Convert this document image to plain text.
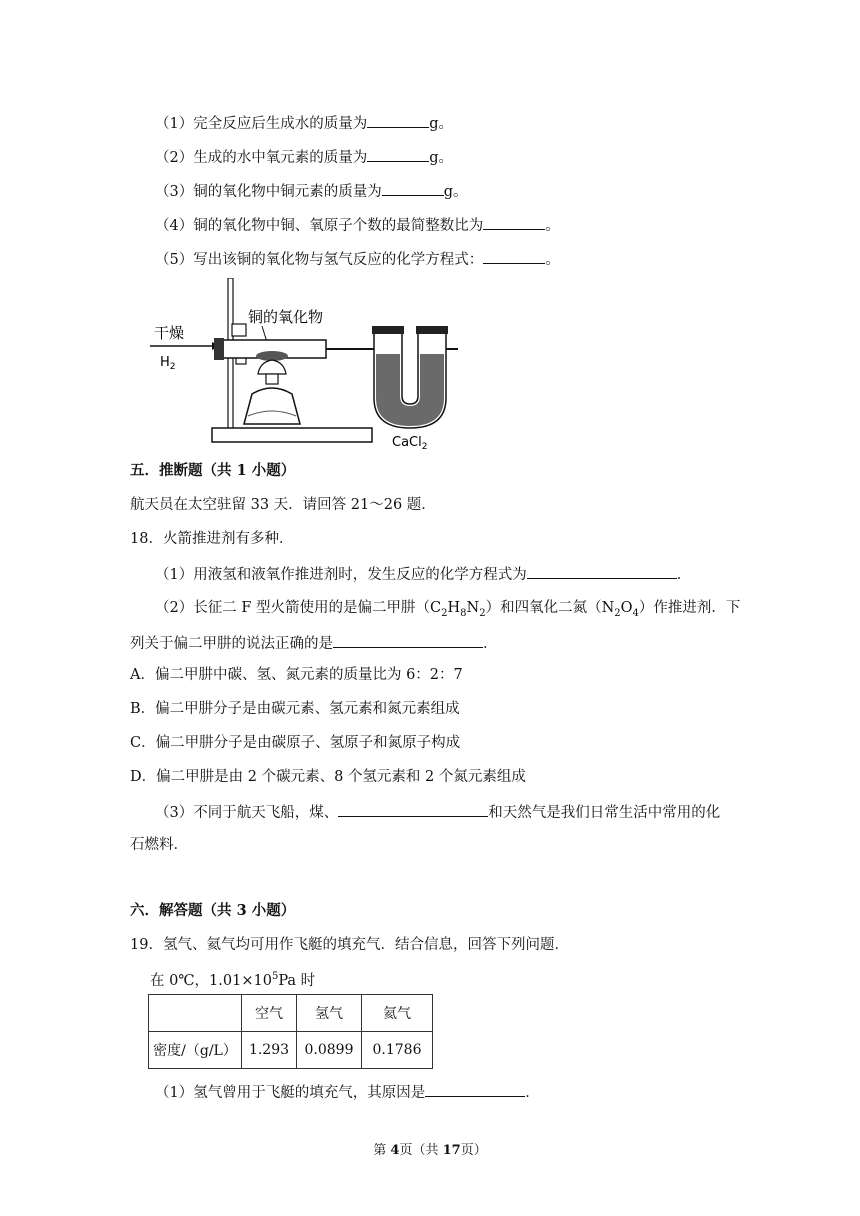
（1）完全反应后生成水的质量为	g。
（2）生成的水中氧元素的质量为	g。
（3）铜的氧化物中铜元素的质量为	g。
（4）铜的氧化物中铜、氧原子个数的最简整数比为	。
（5）写出该铜的氧化物与氢气反应的化学方程式：	。
干燥
$H_2$
铜的氧化物
CaCl$_2$
五．推断题（共 1 小题）
航天员在太空驻留 33 天．请回答 21～26 题．
18．火箭推进剂有多种．
（1）用液氢和液氧作推进剂时，发生反应的化学方程式为	．
（2）长征二 F 型火箭使用的是偏二甲肼$(C_2H_8N_2)$和四氧化二氮$(N_2O_4)$作推进剂．下
列关于偏二甲肼的说法正确的是	．
A．偏二甲肼中碳、氢、氮元素的质量比为 6：2：7
B．偏二甲肼分子是由碳元素、氢元素和氮元素组成
C．偏二甲肼分子是由碳原子、氢原子和氮原子构成
D．偏二甲肼是由 2 个碳元素、8 个氢元素和 2 个氮元素组成
（3）不同于航天飞船，煤、	和天然气是我们日常生活中常用的化
石燃料．
六．解答题（共 3 小题）
19．氢气、氦气均可用作飞艇的填充气．结合信息，回答下列问题．
在 0℃，$1.01\times 10^5Pa$ 时
	空气	氢气	氦气
密度/（g/L）	1.293	0.0899	0.1786
（1）氢气曾用于飞艇的填充气，其原因是	．
第 4页（共 17页）
